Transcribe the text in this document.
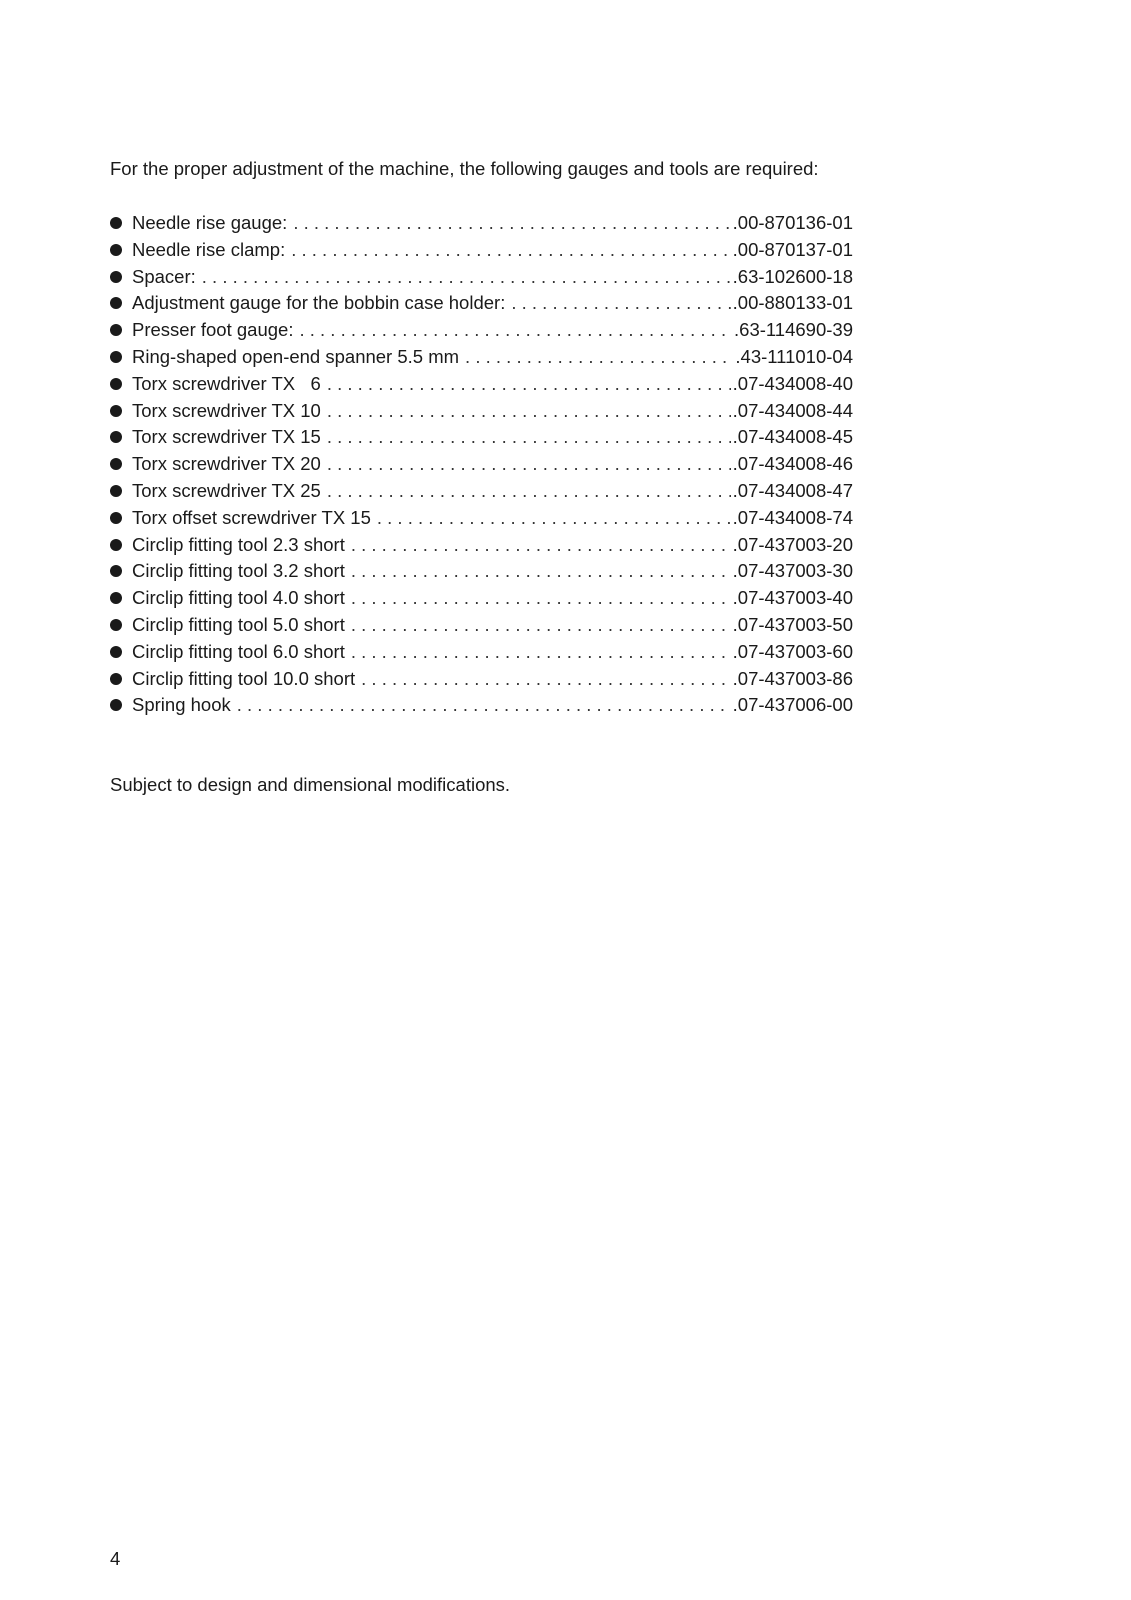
For the proper adjustment of the machine, the following gauges and tools are required:
Needle rise gauge: . . .	.00-870136-01
Needle rise clamp: . . .	.00-870137-01
Spacer: . . .	.63-102600-18
Adjustment gauge for the bobbin case holder: . . .	.00-880133-01
Presser foot gauge: . . .	.63-114690-39
Ring-shaped open-end spanner 5.5 mm . . .	.43-111010-04
Torx screwdriver TX   6 . . .	.07-434008-40
Torx screwdriver TX 10 . . .	.07-434008-44
Torx screwdriver TX 15 . . .	.07-434008-45
Torx screwdriver TX 20 . . .	.07-434008-46
Torx screwdriver TX 25 . . .	.07-434008-47
Torx offset screwdriver TX 15 . . .	.07-434008-74
Circlip fitting tool 2.3 short . . .	.07-437003-20
Circlip fitting tool 3.2 short . . .	.07-437003-30
Circlip fitting tool 4.0 short . . .	.07-437003-40
Circlip fitting tool 5.0 short . . .	.07-437003-50
Circlip fitting tool 6.0 short . . .	.07-437003-60
Circlip fitting tool 10.0 short . . .	.07-437003-86
Spring hook . . .	.07-437006-00
Subject to design and dimensional modifications.
4
